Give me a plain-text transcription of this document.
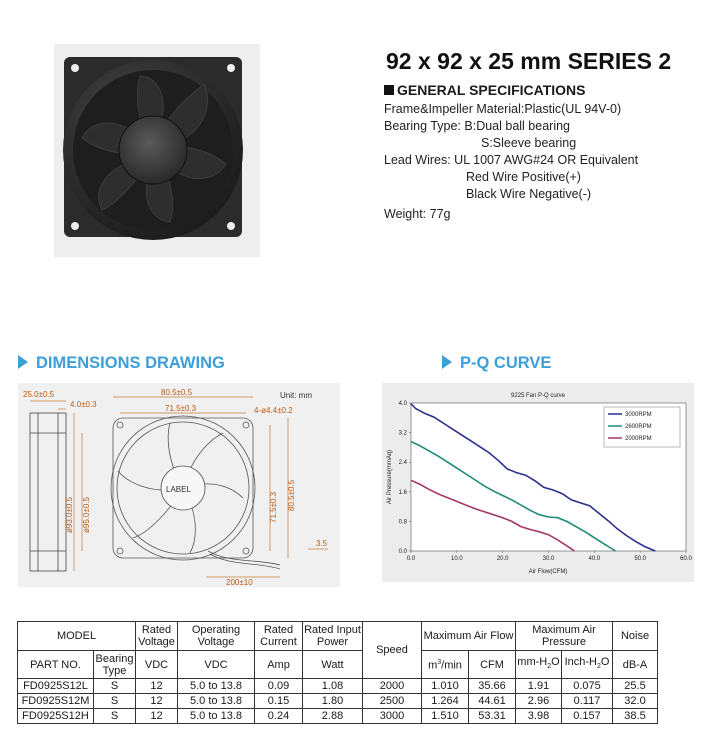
92 x 92 x 25 mm SERIES 2
GENERAL SPECIFICATIONS
Frame&Impeller Material:Plastic(UL 94V-0)
Bearing Type: B:Dual ball bearing
S:Sleeve bearing
Lead Wires: UL 1007 AWG#24 OR Equivalent
Red Wire Positive(+)
Black Wire Negative(-)
Weight: 77g
DIMENSIONS DRAWING	P-Q CURVE
Unit: mm
25.0±0.5
4.0±0.3
ø93.0±0.5 ø95.0±0.5
LABEL
80.5±0.5
71.5±0.3	4-ø4.4±0.2
71.5±0.3 80.5±0.5
200±10
3.5
9225 Fan P-Q curve
0.0	10.0	20.0	30.0	40.0	50.0	60.0
0.0
0.8
1.6
2.4
3.2
4.0
3000RPM
2600RPM
2000RPM
Air Flow(CFM)
Air Pressure(mmAq)
MODEL		Rated Voltage	Operating Voltage	Rated Current	Rated Input Power	Speed	Maximum Air Flow		Maximum Air Pressure		Noise
PART NO.	Bearing Type	VDC	VDC	Amp	Watt		$m^3/\min$	CFM	$mm-H_2O$	Inch-$H_2O$	dB-A
FD0925S12L	S	12	5.0 to 13.8	0.09	1.08	2000	1.010	35.66	1.91	0.075	25.5
FD0925S12M	S	12	5.0 to 13.8	0.15	1.80	2500	1.264	44.61	2.96	0.117	32.0
FD0925S12H	S	12	5.0 to 13.8	0.24	2.88	3000	1.510	53.31	3.98	0.157	38.5
